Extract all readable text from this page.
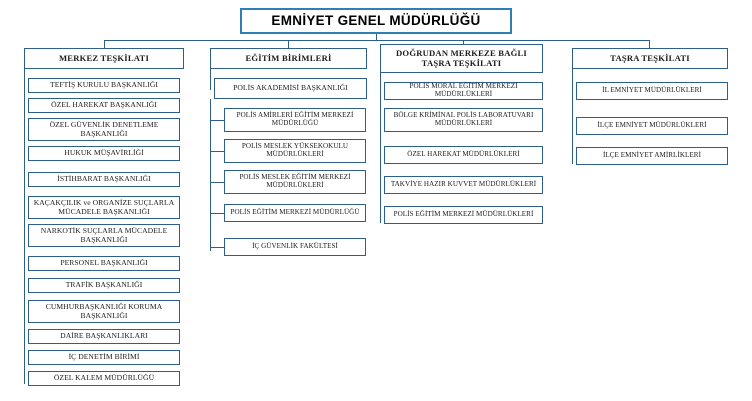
EMNİYET GENEL MÜDÜRLÜĞÜ
MERKEZ TEŞKİLATI
TEFTİŞ KURULU BAŞKANLIĞI
ÖZEL HAREKAT BAŞKANLIĞI
ÖZEL GÜVENLİK DENETLEME BAŞKANLIĞI
HUKUK MÜŞAVİRLİĞİ
İSTİHBARAT BAŞKANLIĞI
KAÇAKÇILIK ve ORGANİZE SUÇLARLA MÜCADELE BAŞKANLIĞI
NARKOTİK SUÇLARLA MÜCADELE BAŞKANLIĞI
PERSONEL BAŞKANLIĞI
TRAFİK BAŞKANLIĞI
CUMHURBAŞKANLIĞI KORUMA BAŞKANLIĞI
DAİRE BAŞKANLIKLARI
İÇ DENETİM BİRİMİ
ÖZEL KALEM MÜDÜRLÜĞÜ
EĞİTİM BİRİMLERİ
POLİS AKADEMİSİ BAŞKANLIĞI
POLİS AMİRLERİ EĞİTİM MERKEZİ MÜDÜRLÜĞÜ
POLİS MESLEK YÜKSEKOKULU MÜDÜRLÜKLERİ
POLİS MESLEK EĞİTİM MERKEZİ MÜDÜRLÜKLERİ
POLİS EĞİTİM MERKEZİ MÜDÜRLÜĞÜ
İÇ GÜVENLİK FAKÜLTESİ
DOĞRUDAN MERKEZE BAĞLI TAŞRA TEŞKİLATI
POLİS MORAL EĞİTİM MERKEZİ MÜDÜRLÜKLERİ
BÖLGE KRİMİNAL POLİS LABORATUVARI MÜDÜRLÜKLERİ
ÖZEL HAREKAT MÜDÜRLÜKLERİ
TAKVİYE HAZIR KUVVET MÜDÜRLÜKLERİ
POLİS EĞİTİM MERKEZİ MÜDÜRLÜKLERİ
TAŞRA TEŞKİLATI
İL EMNİYET MÜDÜRLÜKLERİ
İLÇE EMNİYET MÜDÜRLÜKLERİ
İLÇE EMNİYET AMİRLİKLERİ
